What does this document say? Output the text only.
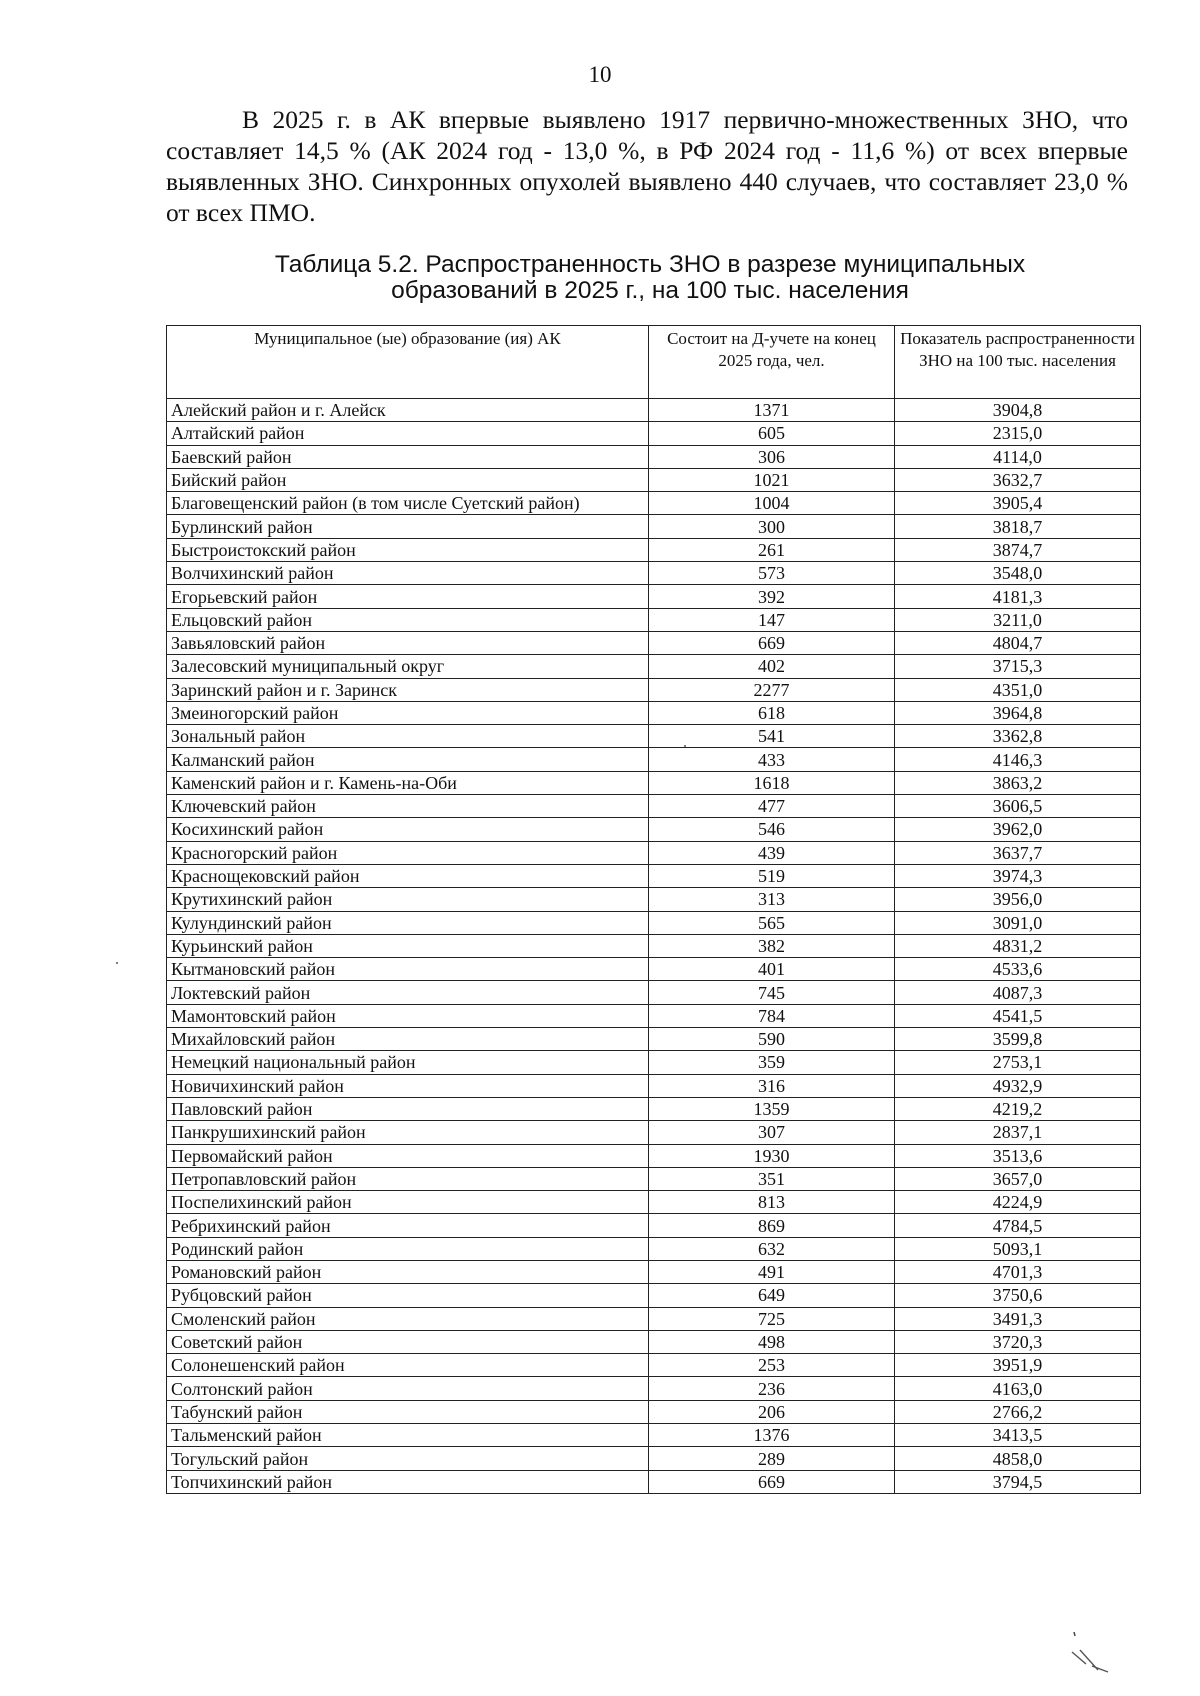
10

В 2025 г. в АК впервые выявлено 1917 первично-множественных ЗНО, что составляет 14,5 % (АК 2024 год - 13,0 %, в РФ 2024 год - 11,6 %) от всех впервые выявленных ЗНО. Синхронных опухолей выявлено 440 случаев, что составляет 23,0 % от всех ПМО.

Таблица 5.2. Распространенность ЗНО в разрезе муниципальных
образований в 2025 г., на 100 тыс. населения
Муниципальное (ые) образование (ия) АК	Состоит на Д-учете на конец 2025 года, чел.	Показатель распространенности ЗНО на 100 тыс. населения
Алейский район и г. Алейск	1371	3904,8
Алтайский район	605	2315,0
Баевский район	306	4114,0
Бийский район	1021	3632,7
Благовещенский район (в том числе Суетский район)	1004	3905,4
Бурлинский район	300	3818,7
Быстроистокский район	261	3874,7
Волчихинский район	573	3548,0
Егорьевский район	392	4181,3
Ельцовский район	147	3211,0
Завьяловский район	669	4804,7
Залесовский муниципальный округ	402	3715,3
Заринский район и г. Заринск	2277	4351,0
Змеиногорский район	618	3964,8
Зональный район	541	3362,8
Калманский район	433	4146,3
Каменский район и г. Камень-на-Оби	1618	3863,2
Ключевский район	477	3606,5
Косихинский район	546	3962,0
Красногорский район	439	3637,7
Краснощековский район	519	3974,3
Крутихинский район	313	3956,0
Кулундинский район	565	3091,0
Курьинский район	382	4831,2
Кытмановский район	401	4533,6
Локтевский район	745	4087,3
Мамонтовский район	784	4541,5
Михайловский район	590	3599,8
Немецкий национальный район	359	2753,1
Новичихинский район	316	4932,9
Павловский район	1359	4219,2
Панкрушихинский район	307	2837,1
Первомайский район	1930	3513,6
Петропавловский район	351	3657,0
Поспелихинский район	813	4224,9
Ребрихинский район	869	4784,5
Родинский район	632	5093,1
Романовский район	491	4701,3
Рубцовский район	649	3750,6
Смоленский район	725	3491,3
Советский район	498	3720,3
Солонешенский район	253	3951,9
Солтонский район	236	4163,0
Табунский район	206	2766,2
Тальменский район	1376	3413,5
Тогульский район	289	4858,0
Топчихинский район	669	3794,5
